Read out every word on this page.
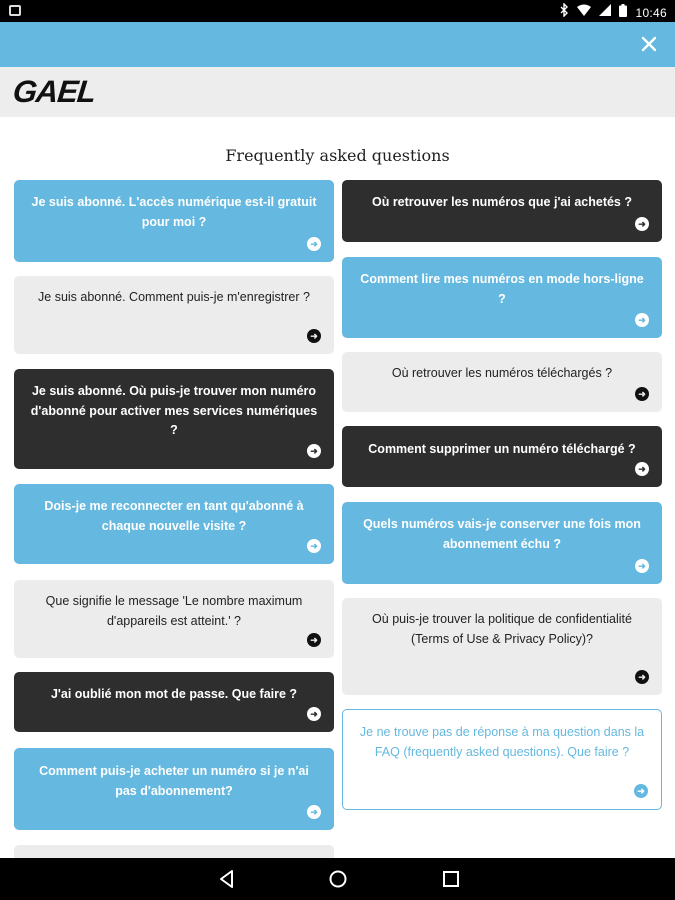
10:46
GAEL
Frequently asked questions
Je suis abonné. L'accès numérique est-il gratuit pour moi ?
➜
Je suis abonné. Comment puis-je m'enregistrer ?
➜
Je suis abonné. Où puis-je trouver mon numéro d'abonné pour activer mes services numériques ?
➜
Dois-je me reconnecter en tant qu'abonné à chaque nouvelle visite ?
➜
Que signifie le message 'Le nombre maximum d'appareils est atteint.' ?
➜
J'ai oublié mon mot de passe. Que faire ?
➜
Comment puis-je acheter un numéro si je n'ai pas d'abonnement?
➜
Où retrouver les numéros que j'ai achetés ?
➜
Comment lire mes numéros en mode hors-ligne ?
➜
Où retrouver les numéros téléchargés ?
➜
Comment supprimer un numéro téléchargé ?
➜
Quels numéros vais-je conserver une fois mon abonnement échu ?
➜
Où puis-je trouver la politique de confidentialité (Terms of Use & Privacy Policy)?
➜
Je ne trouve pas de réponse à ma question dans la FAQ (frequently asked questions). Que faire ?
➜
